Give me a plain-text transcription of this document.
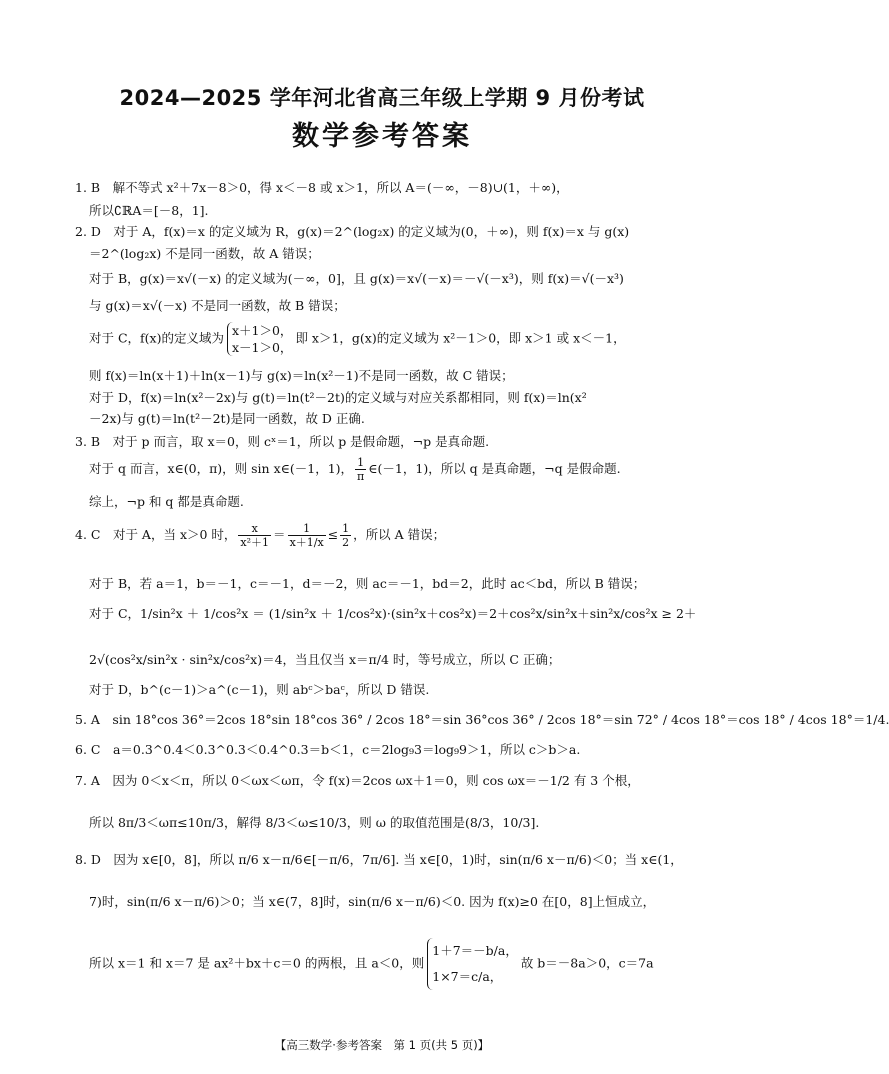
2024—2025 学年河北省高三年级上学期 9 月份考试
数学参考答案
1. B　解不等式 x²＋7x－8＞0，得 x＜－8 或 x＞1，所以 A＝(－∞，－8)∪(1，＋∞)，
所以∁ℝA＝[－8，1].
2. D　对于 A，f(x)＝x 的定义域为 R，g(x)＝2^(log₂x) 的定义域为(0，＋∞)，则 f(x)＝x 与 g(x)
＝2^(log₂x) 不是同一函数，故 A 错误；
对于 B，g(x)＝x√(－x) 的定义域为(－∞，0]，且 g(x)＝x√(－x)＝－√(－x³)，则 f(x)＝√(－x³)
与 g(x)＝x√(－x) 不是同一函数，故 B 错误；
对于 C，f(x)的定义域为 x＋1＞0，
x－1＞0，
即 x＞1，g(x)的定义域为 x²－1＞0，即 x＞1 或 x＜－1，
则 f(x)＝ln(x＋1)＋ln(x－1)与 g(x)＝ln(x²－1)不是同一函数，故 C 错误；
对于 D，f(x)＝ln(x²－2x)与 g(t)＝ln(t²－2t)的定义域与对应关系都相同，则 f(x)＝ln(x²
－2x)与 g(t)＝ln(t²－2t)是同一函数，故 D 正确.
3. B　对于 p 而言，取 x＝0，则 cˣ＝1，所以 p 是假命题，¬p 是真命题.
对于 q 而言，x∈(0，π)，则 sin x∈(－1，1)， $\frac{1}{\pi}$ ∈(－1，1)，所以 q 是真命题，¬q 是假命题.
综上，¬p 和 q 都是真命题.
4. C　对于 A，当 x＞0 时， $\frac{x}{\text{x²＋1}} = \frac{1}{x+1/x} \le \frac{1}{2}$ ，所以 A 错误；
对于 B，若 a＝1，b＝－1，c＝－1，d＝－2，则 ac＝－1，bd＝2，此时 ac＜bd，所以 B 错误；
对于 C，1/sin²x ＋ 1/cos²x ＝ (1/sin²x ＋ 1/cos²x)·(sin²x＋cos²x)＝2＋cos²x/sin²x＋sin²x/cos²x ≥ 2＋
2√(cos²x/sin²x · sin²x/cos²x)＝4，当且仅当 x＝π/4 时，等号成立，所以 C 正确；
对于 D，b^(c－1)＞a^(c－1)，则 abᶜ＞baᶜ，所以 D 错误.
5. A　sin 18°cos 36°＝2cos 18°sin 18°cos 36° / 2cos 18°＝sin 36°cos 36° / 2cos 18°＝sin 72° / 4cos 18°＝cos 18° / 4cos 18°＝1/4.
6. C　a＝0.3^0.4＜0.3^0.3＜0.4^0.3＝b＜1，c＝2log₉3＝log₉9＞1，所以 c＞b＞a.
7. A　因为 0＜x＜π，所以 0＜ωx＜ωπ，令 f(x)＝2cos ωx＋1＝0，则 cos ωx＝－1/2 有 3 个根，
所以 8π/3＜ωπ≤10π/3，解得 8/3＜ω≤10/3，则 ω 的取值范围是(8/3，10/3].
8. D　因为 x∈[0，8]，所以 π/6 x－π/6∈[－π/6，7π/6]. 当 x∈[0，1)时，sin(π/6 x－π/6)＜0；当 x∈(1，
7)时，sin(π/6 x－π/6)＞0；当 x∈(7，8]时，sin(π/6 x－π/6)＜0. 因为 f(x)≥0 在[0，8]上恒成立，
所以 x＝1 和 x＝7 是 ax²＋bx＋c＝0 的两根，且 a＜0，则
1＋7＝－b/a，
1×7＝c/a，
故 b＝－8a＞0，c＝7a
【高三数学·参考答案　第 1 页(共 5 页)】
